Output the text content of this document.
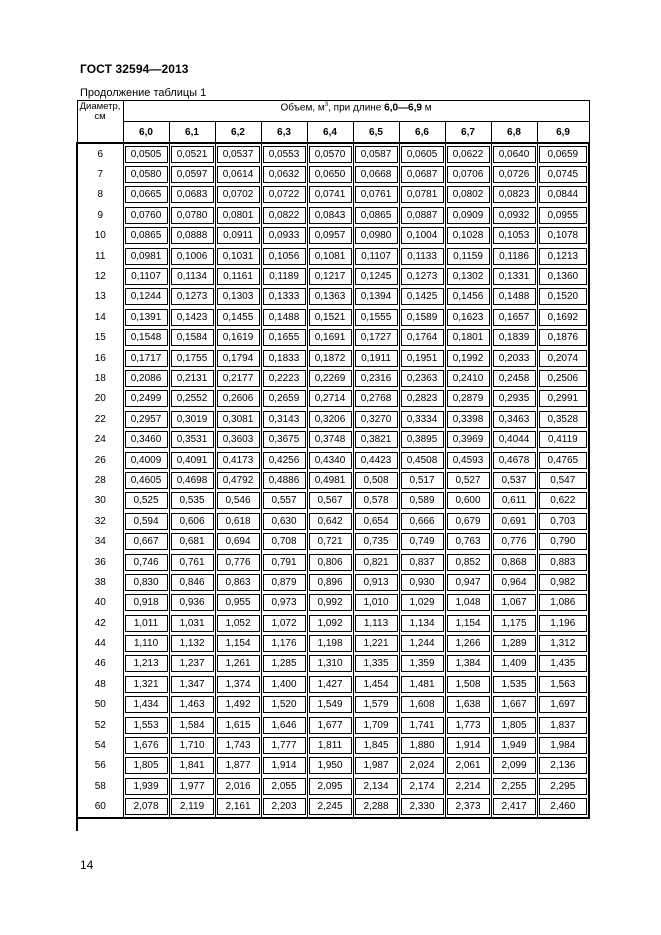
ГОСТ 32594—2013
Продолжение таблицы 1
Диаметр, см	Объем, $м^3$, при длине 6,0—6,9 м									
	6,0	6,1	6,2	6,3	6,4	6,5	6,6	6,7	6,8	6,9

6	0,0505	0,0521	0,0537	0,0553	0,0570	0,0587	0,0605	0,0622	0,0640	0,0659

7	0,0580	0,0597	0,0614	0,0632	0,0650	0,0668	0,0687	0,0706	0,0726	0,0745

8	0,0665	0,0683	0,0702	0,0722	0,0741	0,0761	0,0781	0,0802	0,0823	0,0844

9	0,0760	0,0780	0,0801	0,0822	0,0843	0,0865	0,0887	0,0909	0,0932	0,0955

10	0,0865	0,0888	0,0911	0,0933	0,0957	0,0980	0,1004	0,1028	0,1053	0,1078

11	0,0981	0,1006	0,1031	0,1056	0,1081	0,1107	0,1133	0,1159	0,1186	0,1213

12	0,1107	0,1134	0,1161	0,1189	0,1217	0,1245	0,1273	0,1302	0,1331	0,1360

13	0,1244	0,1273	0,1303	0,1333	0,1363	0,1394	0,1425	0,1456	0,1488	0,1520

14	0,1391	0,1423	0,1455	0,1488	0,1521	0,1555	0,1589	0,1623	0,1657	0,1692

15	0,1548	0,1584	0,1619	0,1655	0,1691	0,1727	0,1764	0,1801	0,1839	0,1876

16	0,1717	0,1755	0,1794	0,1833	0,1872	0,1911	0,1951	0,1992	0,2033	0,2074

18	0,2086	0,2131	0,2177	0,2223	0,2269	0,2316	0,2363	0,2410	0,2458	0,2506

20	0,2499	0,2552	0,2606	0,2659	0,2714	0,2768	0,2823	0,2879	0,2935	0,2991

22	0,2957	0,3019	0,3081	0,3143	0,3206	0,3270	0,3334	0,3398	0,3463	0,3528

24	0,3460	0,3531	0,3603	0,3675	0,3748	0,3821	0,3895	0,3969	0,4044	0,4119

26	0,4009	0,4091	0,4173	0,4256	0,4340	0,4423	0,4508	0,4593	0,4678	0,4765

28	0,4605	0,4698	0,4792	0,4886	0,4981	0,508	0,517	0,527	0,537	0,547

30	0,525	0,535	0,546	0,557	0,567	0,578	0,589	0,600	0,611	0,622

32	0,594	0,606	0,618	0,630	0,642	0,654	0,666	0,679	0,691	0,703

34	0,667	0,681	0,694	0,708	0,721	0,735	0,749	0,763	0,776	0,790

36	0,746	0,761	0,776	0,791	0,806	0,821	0,837	0,852	0,868	0,883

38	0,830	0,846	0,863	0,879	0,896	0,913	0,930	0,947	0,964	0,982

40	0,918	0,936	0,955	0,973	0,992	1,010	1,029	1,048	1,067	1,086

42	1,011	1,031	1,052	1,072	1,092	1,113	1,134	1,154	1,175	1,196

44	1,110	1,132	1,154	1,176	1,198	1,221	1,244	1,266	1,289	1,312

46	1,213	1,237	1,261	1,285	1,310	1,335	1,359	1,384	1,409	1,435

48	1,321	1,347	1,374	1,400	1,427	1,454	1,481	1,508	1,535	1,563

50	1,434	1,463	1,492	1,520	1,549	1,579	1,608	1,638	1,667	1,697

52	1,553	1,584	1,615	1,646	1,677	1,709	1,741	1,773	1,805	1,837

54	1,676	1,710	1,743	1,777	1,811	1,845	1,880	1,914	1,949	1,984

56	1,805	1,841	1,877	1,914	1,950	1,987	2,024	2,061	2,099	2,136

58	1,939	1,977	2,016	2,055	2,095	2,134	2,174	2,214	2,255	2,295

60	2,078	2,119	2,161	2,203	2,245	2,288	2,330	2,373	2,417	2,460
14
